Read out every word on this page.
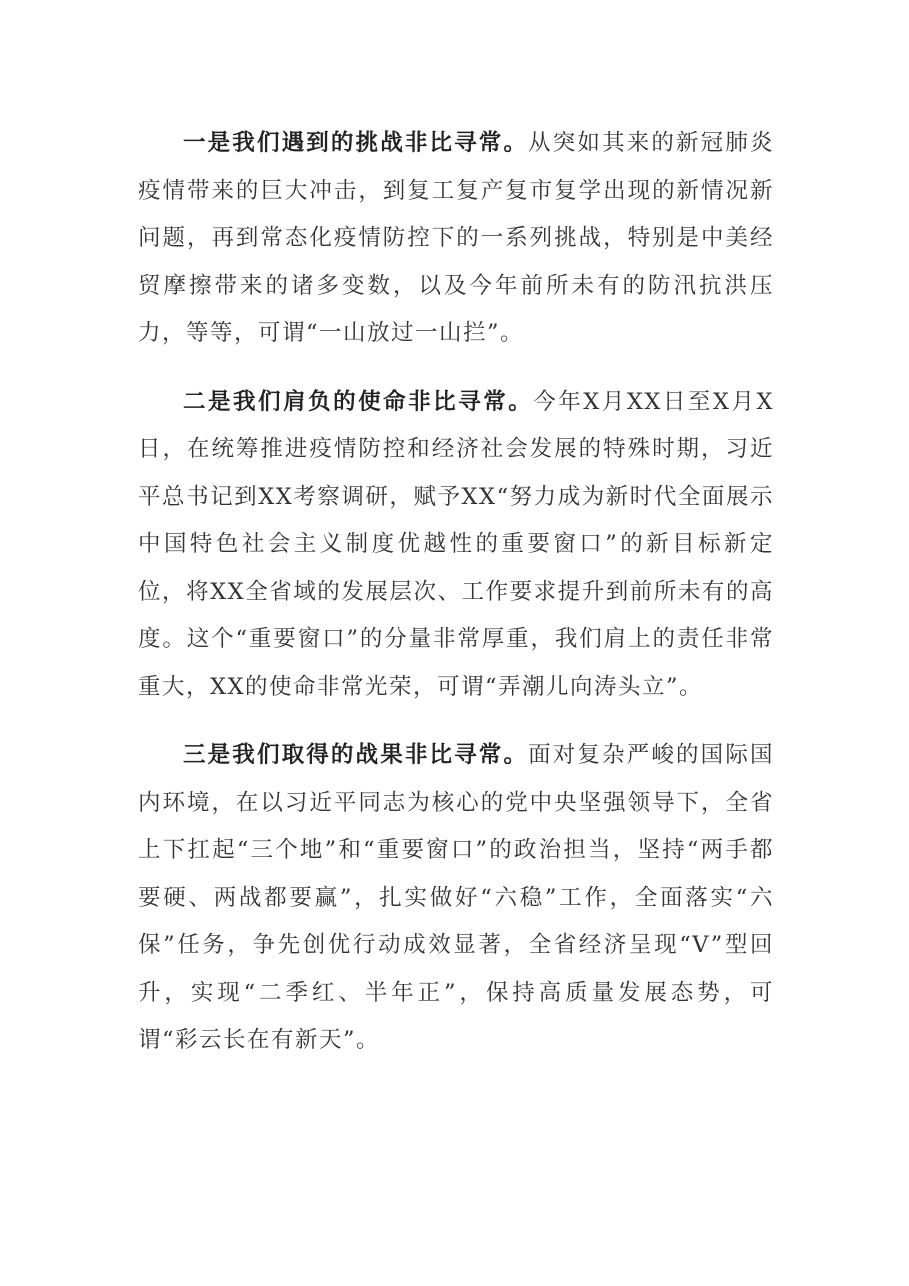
一是我们遇到的挑战非比寻常。从突如其来的新冠肺炎疫情带来的巨大冲击，到复工复产复市复学出现的新情况新问题，再到常态化疫情防控下的一系列挑战，特别是中美经贸摩擦带来的诸多变数，以及今年前所未有的防汛抗洪压力，等等，可谓“一山放过一山拦”。

二是我们肩负的使命非比寻常。今年X月XX日至X月X日，在统筹推进疫情防控和经济社会发展的特殊时期，习近平总书记到XX考察调研，赋予XX“努力成为新时代全面展示中国特色社会主义制度优越性的重要窗口”的新目标新定位，将XX全省域的发展层次、工作要求提升到前所未有的高度。这个“重要窗口”的分量非常厚重，我们肩上的责任非常重大，XX的使命非常光荣，可谓“弄潮儿向涛头立”。

三是我们取得的战果非比寻常。面对复杂严峻的国际国内环境，在以习近平同志为核心的党中央坚强领导下，全省上下扛起“三个地”和“重要窗口”的政治担当，坚持“两手都要硬、两战都要赢”，扎实做好“六稳”工作，全面落实“六保”任务，争先创优行动成效显著，全省经济呈现“V”型回升，实现“二季红、半年正”，保持高质量发展态势，可谓“彩云长在有新天”。
